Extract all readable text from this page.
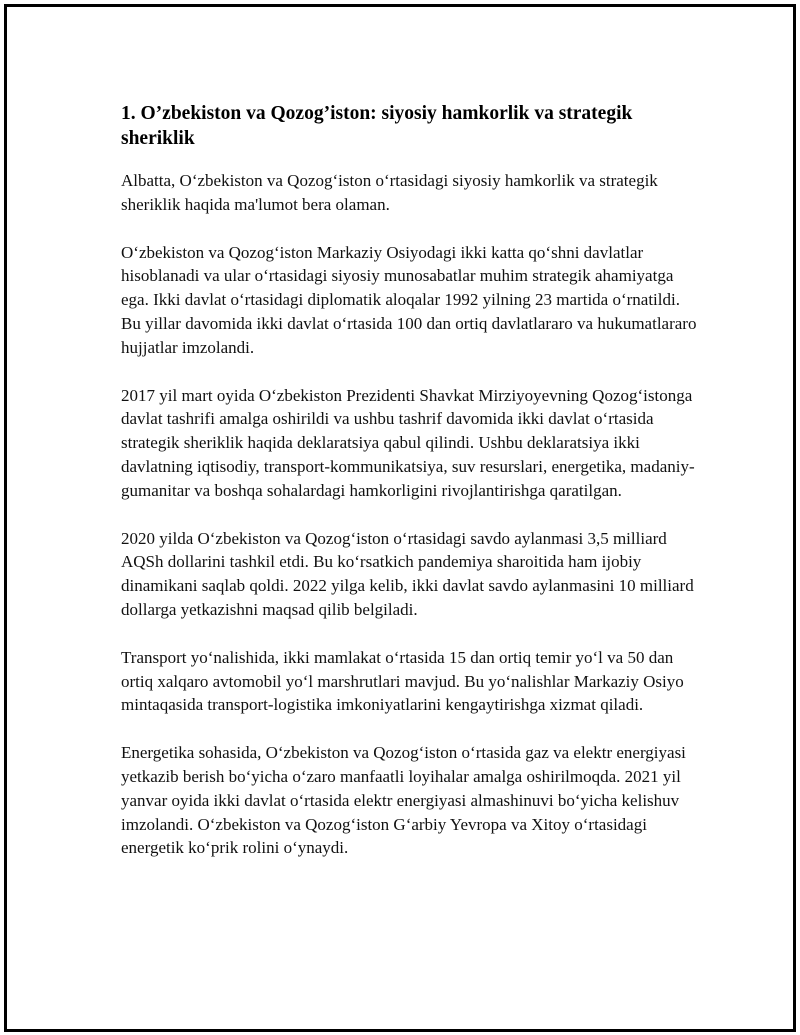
1. O’zbekiston va Qozog’iston: siyosiy hamkorlik va strategik sheriklik

Albatta, O‘zbekiston va Qozog‘iston o‘rtasidagi siyosiy hamkorlik va strategik sheriklik haqida ma'lumot bera olaman.

O‘zbekiston va Qozog‘iston Markaziy Osiyodagi ikki katta qo‘shni davlatlar hisoblanadi va ular o‘rtasidagi siyosiy munosabatlar muhim strategik ahamiyatga ega. Ikki davlat o‘rtasidagi diplomatik aloqalar 1992 yilning 23 martida o‘rnatildi. Bu yillar davomida ikki davlat o‘rtasida 100 dan ortiq davlatlararo va hukumatlararo hujjatlar imzolandi.

2017 yil mart oyida O‘zbekiston Prezidenti Shavkat Mirziyoyevning Qozog‘istonga davlat tashrifi amalga oshirildi va ushbu tashrif davomida ikki davlat o‘rtasida strategik sheriklik haqida deklaratsiya qabul qilindi. Ushbu deklaratsiya ikki davlatning iqtisodiy, transport-kommunikatsiya, suv resurslari, energetika, madaniy-gumanitar va boshqa sohalardagi hamkorligini rivojlantirishga qaratilgan.

2020 yilda O‘zbekiston va Qozog‘iston o‘rtasidagi savdo aylanmasi 3,5 milliard AQSh dollarini tashkil etdi. Bu ko‘rsatkich pandemiya sharoitida ham ijobiy dinamikani saqlab qoldi. 2022 yilga kelib, ikki davlat savdo aylanmasini 10 milliard dollarga yetkazishni maqsad qilib belgiladi.

Transport yo‘nalishida, ikki mamlakat o‘rtasida 15 dan ortiq temir yo‘l va 50 dan ortiq xalqaro avtomobil yo‘l marshrutlari mavjud. Bu yo‘nalishlar Markaziy Osiyo mintaqasida transport-logistika imkoniyatlarini kengaytirishga xizmat qiladi.

Energetika sohasida, O‘zbekiston va Qozog‘iston o‘rtasida gaz va elektr energiyasi yetkazib berish bo‘yicha o‘zaro manfaatli loyihalar amalga oshirilmoqda. 2021 yil yanvar oyida ikki davlat o‘rtasida elektr energiyasi almashinuvi bo‘yicha kelishuv imzolandi. O‘zbekiston va Qozog‘iston G‘arbiy Yevropa va Xitoy o‘rtasidagi energetik ko‘prik rolini o‘ynaydi.
